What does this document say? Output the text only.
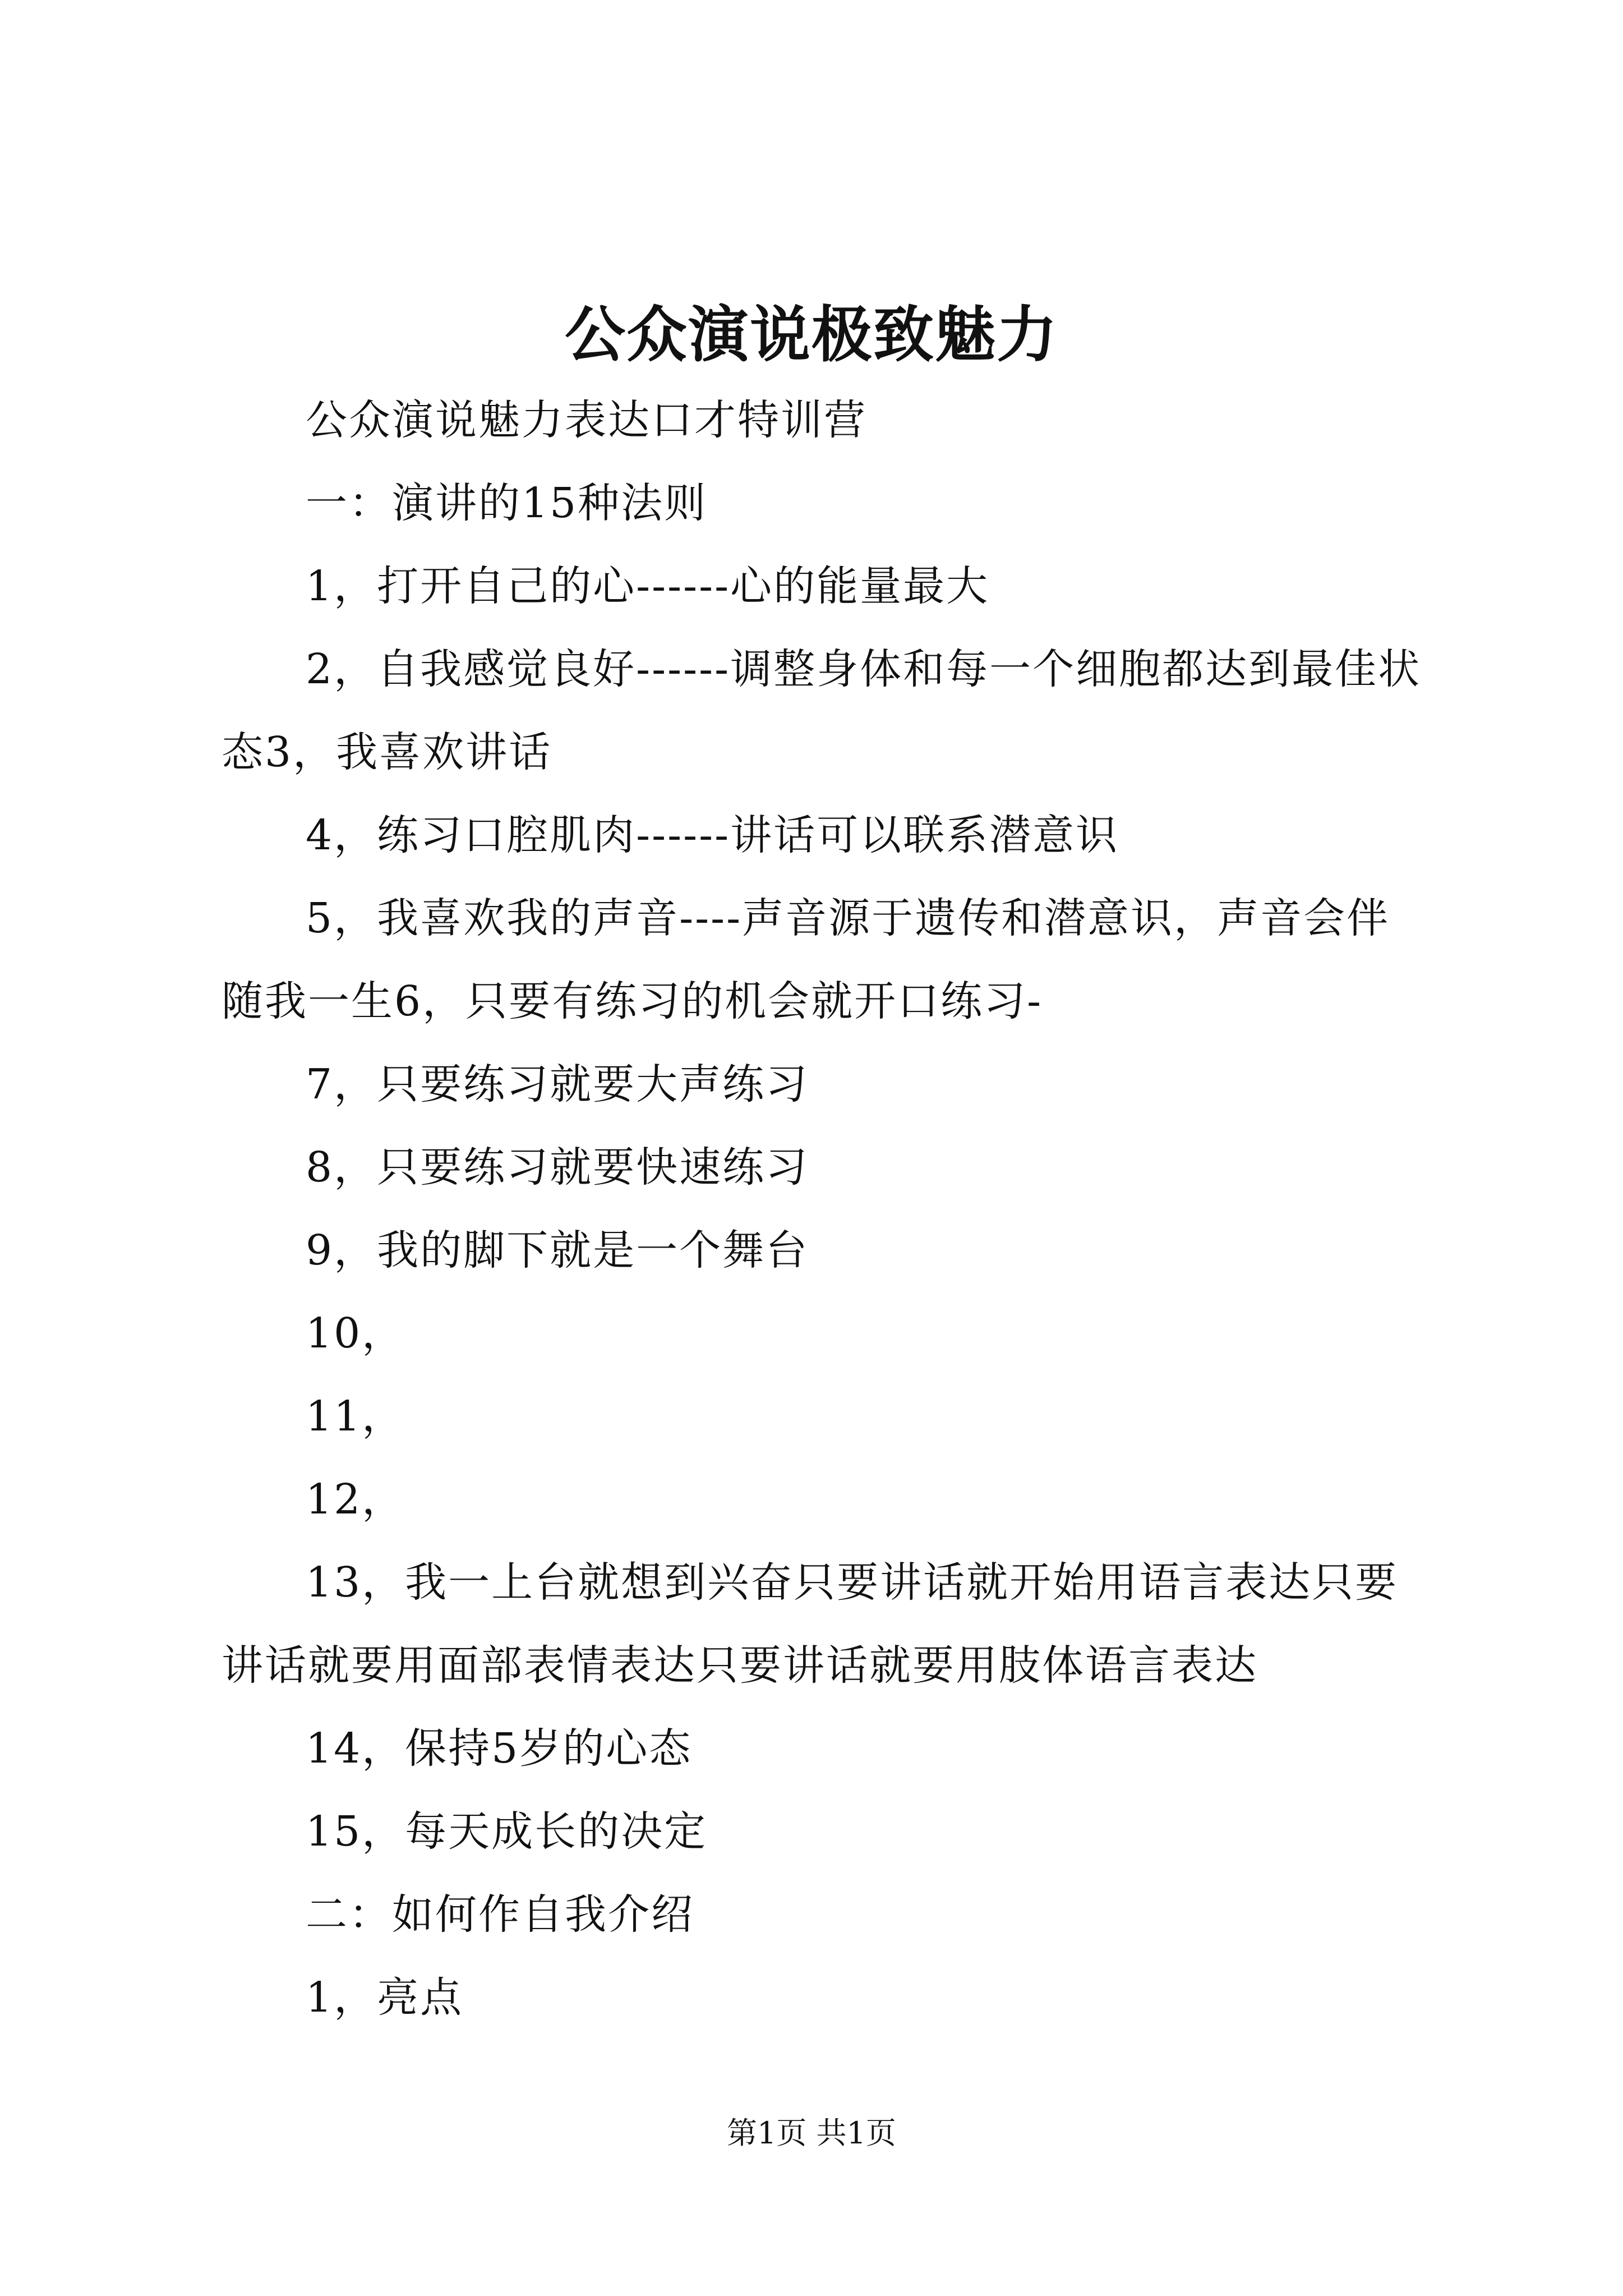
公众演说极致魅力
公众演说魅力表达口才特训营
一：演讲的15种法则
1，打开自己的心------心的能量最大
2，自我感觉良好------调整身体和每一个细胞都达到最佳状态3，我喜欢讲话
4，练习口腔肌肉------讲话可以联系潜意识
5，我喜欢我的声音----声音源于遗传和潜意识，声音会伴随我一生6，只要有练习的机会就开口练习-
7，只要练习就要大声练习
8，只要练习就要快速练习
9，我的脚下就是一个舞台
10，
11，
12，
13，我一上台就想到兴奋只要讲话就开始用语言表达只要讲话就要用面部表情表达只要讲话就要用肢体语言表达
14，保持5岁的心态
15，每天成长的决定
二：如何作自我介绍
1，亮点
第1页 共1页
